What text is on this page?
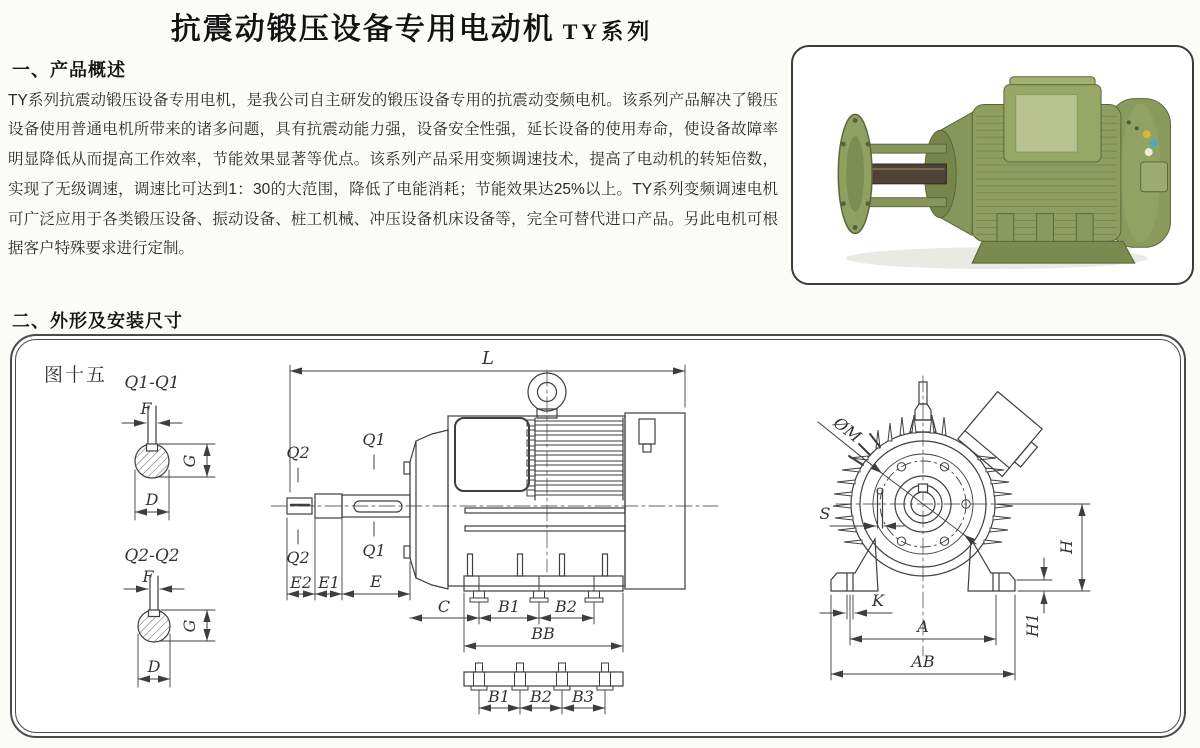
抗震动锻压设备专用电动机 TY系列
一、产品概述

TY系列抗震动锻压设备专用电机，是我公司自主研发的锻压设备专用的抗震动变频电机。该系列产品解决了锻压设备使用普通电机所带来的诸多问题，具有抗震动能力强，设备安全性强，延长设备的使用寿命，使设备故障率明显降低从而提高工作效率，节能效果显著等优点。该系列产品采用变频调速技术，提高了电动机的转矩倍数，实现了无级调速，调速比可达到1：30的大范围，降低了电能消耗；节能效果达25%以上。TY系列变频调速电机可广泛应用于各类锻压设备、振动设备、桩工机械、冲压设备机床设备等，完全可替代进口产品。另此电机可根据客户特殊要求进行定制。

二、外形及安装尺寸
图十五 Q1-Q1
F
G
D
Q2-Q2
F
G
D
L
Q2
Q2
Q1
Q1
E2 E1 E
C	B1 B2
BB
B1 B2 B3
ØM
S
H
H1
K
A
AB
